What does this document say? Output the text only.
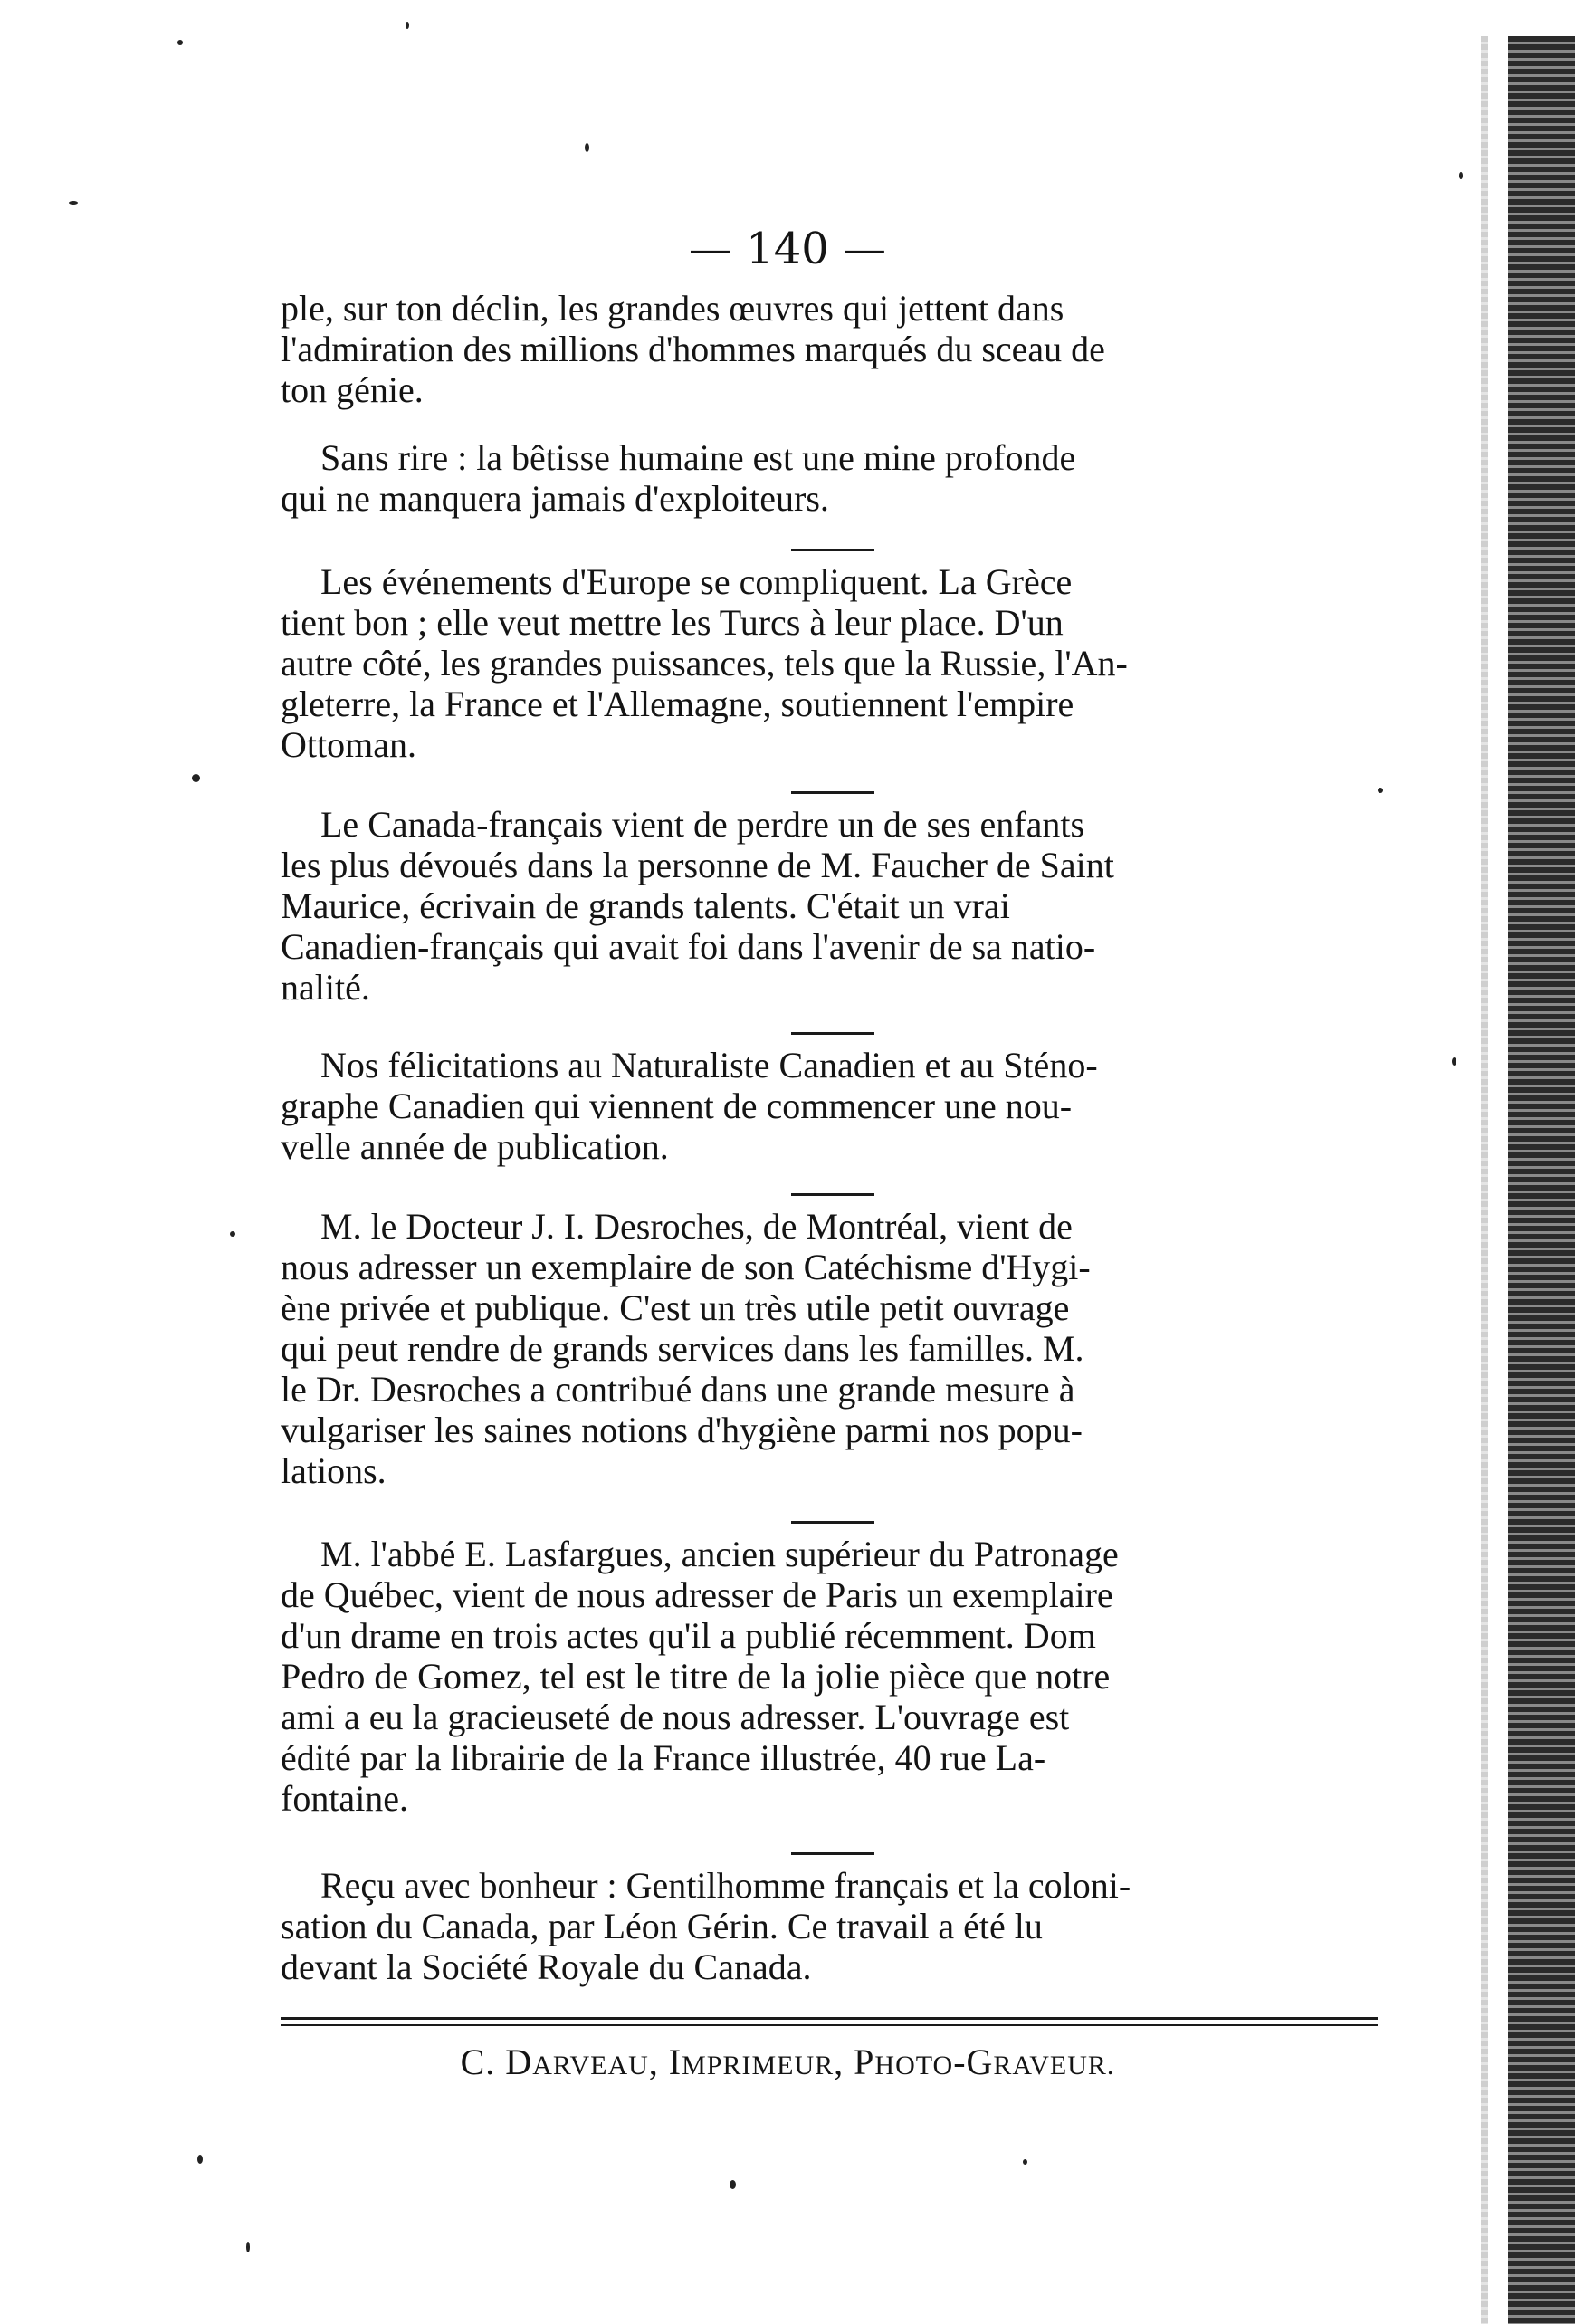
— 140 —

ple, sur ton déclin, les grandes œuvres qui jettent dans
l'admiration des millions d'hommes marqués du sceau de
ton génie.

Sans rire : la bêtisse humaine est une mine profonde
qui ne manquera jamais d'exploiteurs.

Les événements d'Europe se compliquent. La Grèce
tient bon ; elle veut mettre les Turcs à leur place. D'un
autre côté, les grandes puissances, tels que la Russie, l'An-
gleterre, la France et l'Allemagne, soutiennent l'empire
Ottoman.

Le Canada-français vient de perdre un de ses enfants
les plus dévoués dans la personne de M. Faucher de Saint
Maurice, écrivain de grands talents. C'était un vrai
Canadien-français qui avait foi dans l'avenir de sa natio-
nalité.

Nos félicitations au Naturaliste Canadien et au Sténo-
graphe Canadien qui viennent de commencer une nou-
velle année de publication.

M. le Docteur J. I. Desroches, de Montréal, vient de
nous adresser un exemplaire de son Catéchisme d'Hygi-
ène privée et publique. C'est un très utile petit ouvrage
qui peut rendre de grands services dans les familles. M.
le Dr. Desroches a contribué dans une grande mesure à
vulgariser les saines notions d'hygiène parmi nos popu-
lations.

M. l'abbé E. Lasfargues, ancien supérieur du Patronage
de Québec, vient de nous adresser de Paris un exemplaire
d'un drame en trois actes qu'il a publié récemment. Dom
Pedro de Gomez, tel est le titre de la jolie pièce que notre
ami a eu la gracieuseté de nous adresser. L'ouvrage est
édité par la librairie de la France illustrée, 40 rue La-
fontaine.

Reçu avec bonheur : Gentilhomme français et la coloni-
sation du Canada, par Léon Gérin. Ce travail a été lu
devant la Société Royale du Canada.

C. DARVEAU, IMPRIMEUR, PHOTO-GRAVEUR.
